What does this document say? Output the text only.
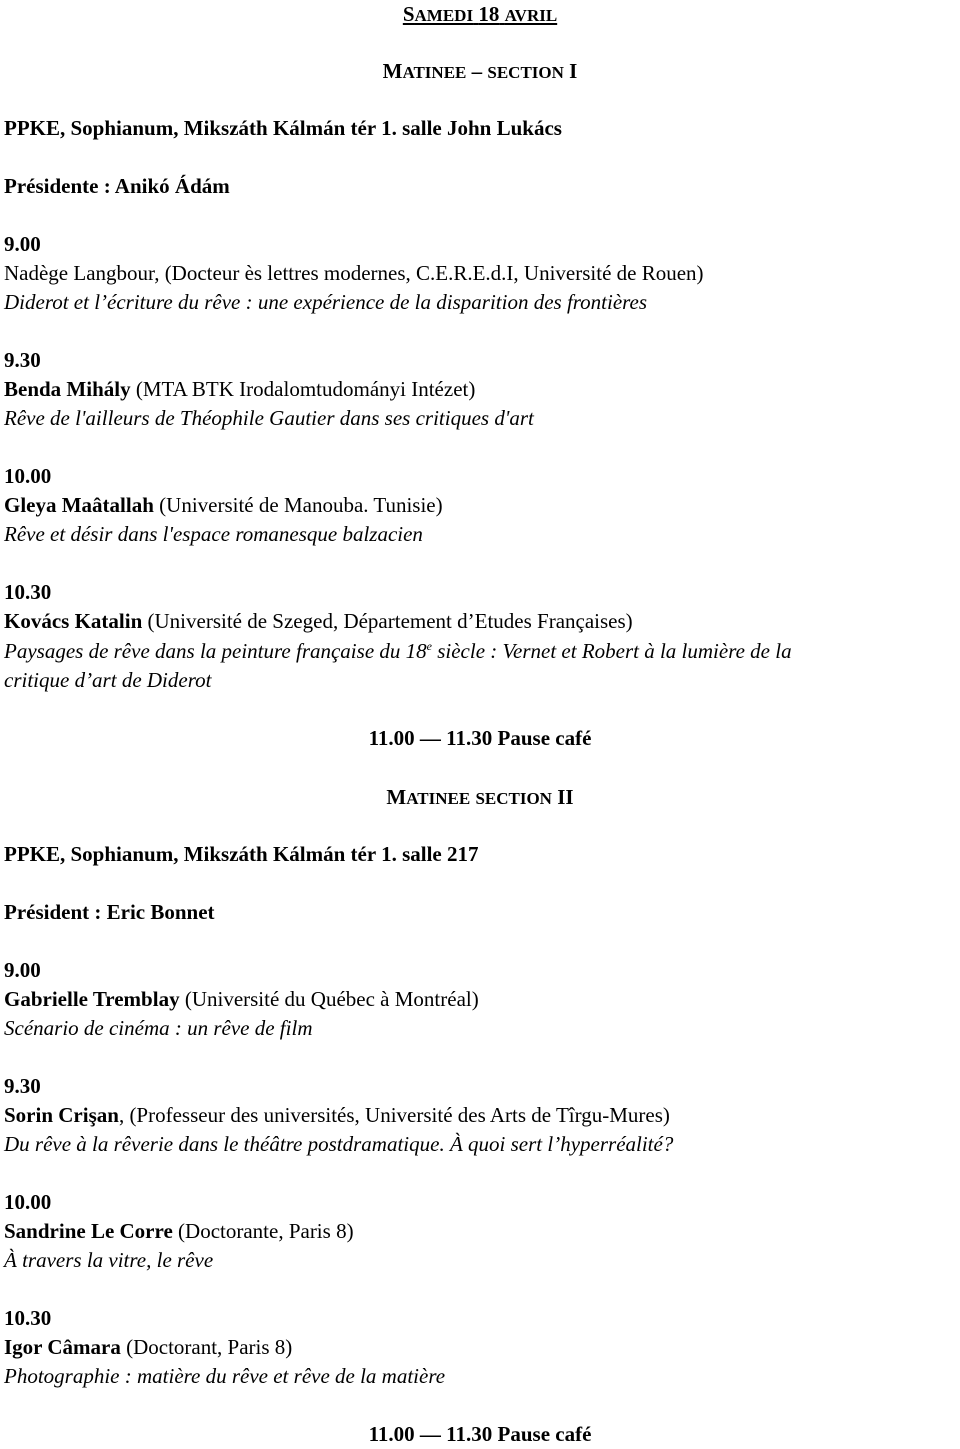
SAMEDI 18 AVRIL
MATINEE – SECTION I
PPKE, Sophianum, Mikszáth Kálmán tér 1. salle John Lukács
Présidente : Anikó Ádám
9.00
Nadège Langbour, (Docteur ès lettres modernes, C.E.R.E.d.I, Université de Rouen)
Diderot et l’écriture du rêve : une expérience de la disparition des frontières
9.30
Benda Mihály (MTA BTK Irodalomtudományi Intézet)
Rêve de l'ailleurs de Théophile Gautier dans ses critiques d'art
10.00
Gleya Maâtallah (Université de Manouba. Tunisie)
Rêve et désir dans l'espace romanesque balzacien
10.30
Kovács Katalin (Université de Szeged, Département d’Etudes Françaises)
Paysages de rêve dans la peinture française du 18e siècle : Vernet et Robert à la lumière de la
critique d’art de Diderot
11.00 — 11.30 Pause café
MATINEE SECTION II
PPKE, Sophianum, Mikszáth Kálmán tér 1. salle 217
Président : Eric Bonnet
9.00
Gabrielle Tremblay (Université du Québec à Montréal)
Scénario de cinéma : un rêve de film
9.30
Sorin Crişan, (Professeur des universités, Université des Arts de Tîrgu-Mures)
Du rêve à la rêverie dans le théâtre postdramatique. À quoi sert l’hyperréalité?
10.00
Sandrine Le Corre (Doctorante, Paris 8)
À travers la vitre, le rêve
10.30
Igor Câmara (Doctorant, Paris 8)
Photographie : matière du rêve et rêve de la matière
11.00 — 11.30 Pause café
